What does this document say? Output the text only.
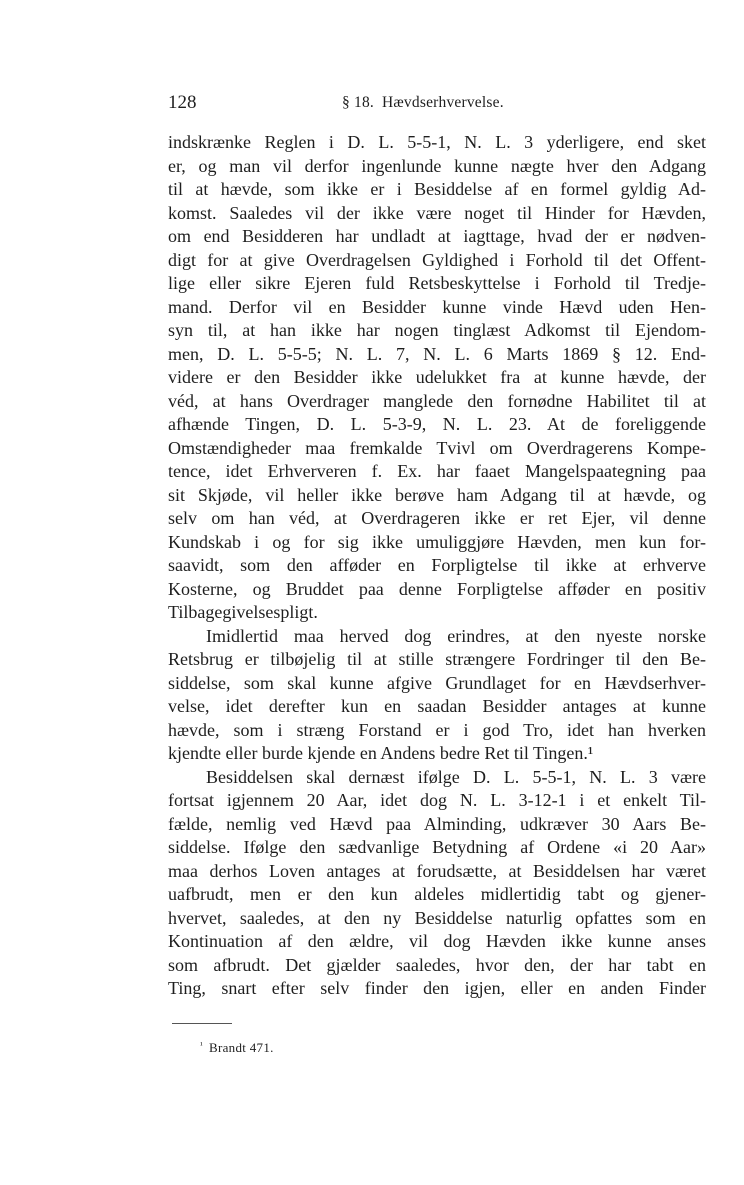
128	§ 18. Hævdserhvervelse.
indskrænke Reglen i D. L. 5-5-1, N. L. 3 yderligere, end sket
er, og man vil derfor ingenlunde kunne nægte hver den Adgang
til at hævde, som ikke er i Besiddelse af en formel gyldig Ad-
komst. Saaledes vil der ikke være noget til Hinder for Hævden,
om end Besidderen har undladt at iagttage, hvad der er nødven-
digt for at give Overdragelsen Gyldighed i Forhold til det Offent-
lige eller sikre Ejeren fuld Retsbeskyttelse i Forhold til Tredje-
mand. Derfor vil en Besidder kunne vinde Hævd uden Hen-
syn til, at han ikke har nogen tinglæst Adkomst til Ejendom-
men, D. L. 5-5-5; N. L. 7, N. L. 6 Marts 1869 § 12. End-
videre er den Besidder ikke udelukket fra at kunne hævde, der
véd, at hans Overdrager manglede den fornødne Habilitet til at
afhænde Tingen, D. L. 5-3-9, N. L. 23. At de foreliggende
Omstændigheder maa fremkalde Tvivl om Overdragerens Kompe-
tence, idet Erhververen f. Ex. har faaet Mangelspaategning paa
sit Skjøde, vil heller ikke berøve ham Adgang til at hævde, og
selv om han véd, at Overdrageren ikke er ret Ejer, vil denne
Kundskab i og for sig ikke umuliggjøre Hævden, men kun for-
saavidt, som den afføder en Forpligtelse til ikke at erhverve
Kosterne, og Bruddet paa denne Forpligtelse afføder en positiv
Tilbagegivelsespligt.
Imidlertid maa herved dog erindres, at den nyeste norske
Retsbrug er tilbøjelig til at stille strængere Fordringer til den Be-
siddelse, som skal kunne afgive Grundlaget for en Hævdserhver-
velse, idet derefter kun en saadan Besidder antages at kunne
hævde, som i stræng Forstand er i god Tro, idet han hverken
kjendte eller burde kjende en Andens bedre Ret til Tingen.¹
Besiddelsen skal dernæst ifølge D. L. 5-5-1, N. L. 3 være
fortsat igjennem 20 Aar, idet dog N. L. 3-12-1 i et enkelt Til-
fælde, nemlig ved Hævd paa Alminding, udkræver 30 Aars Be-
siddelse. Ifølge den sædvanlige Betydning af Ordene «i 20 Aar»
maa derhos Loven antages at forudsætte, at Besiddelsen har været
uafbrudt, men er den kun aldeles midlertidig tabt og gjener-
hvervet, saaledes, at den ny Besiddelse naturlig opfattes som en
Kontinuation af den ældre, vil dog Hævden ikke kunne anses
som afbrudt. Det gjælder saaledes, hvor den, der har tabt en
Ting, snart efter selv finder den igjen, eller en anden Finder
$^{^1}$ Brandt 471.
